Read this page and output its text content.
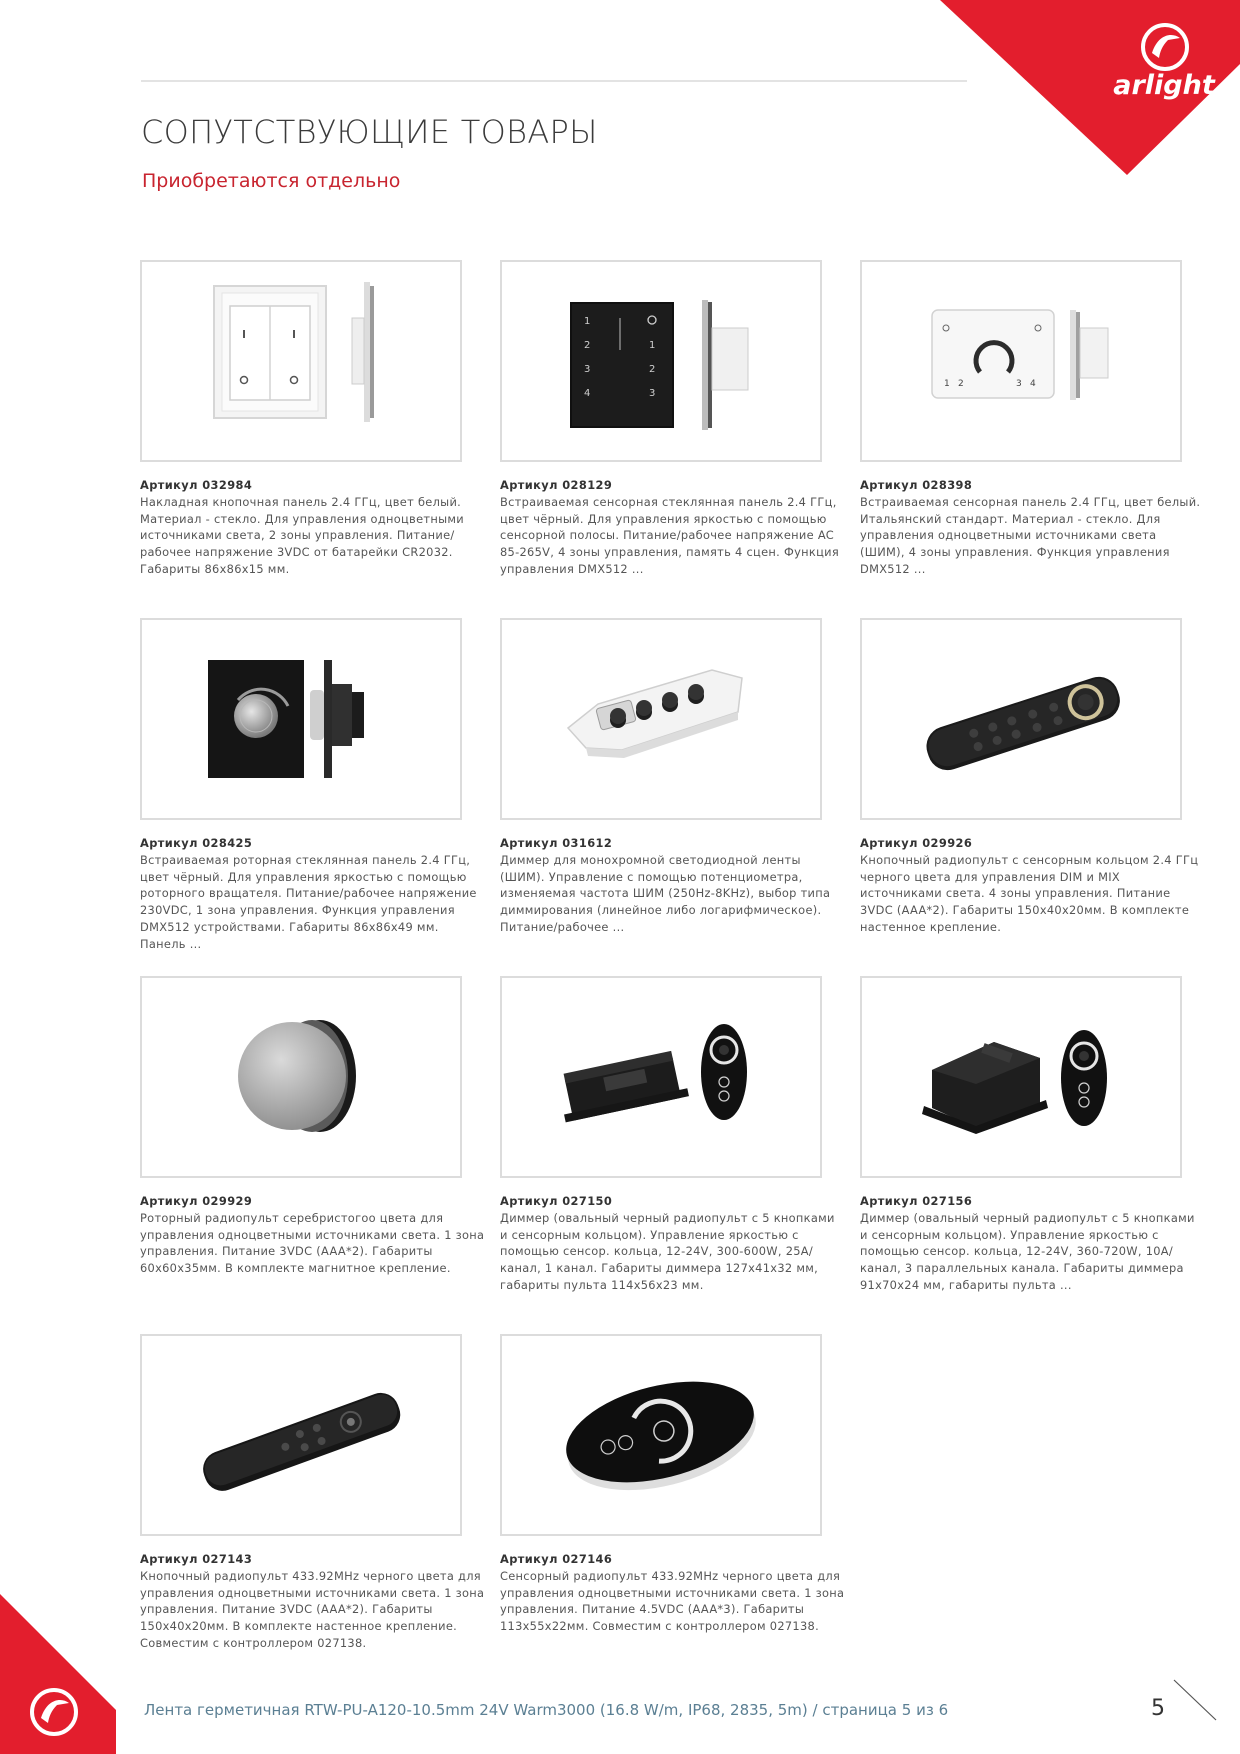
arlight
СОПУТСТВУЮЩИЕ ТОВАРЫ
Приобретаются отдельно
Артикул 032984
Накладная кнопочная панель 2.4 ГГц, цвет белый. Материал - стекло. Для управления одноцветными источниками света, 2 зоны управления. Питание/рабочее напряжение 3VDC от батарейки CR2032. Габариты 86х86х15 мм.
1
2
3
4
1
2
3
Артикул 028129
Встраиваемая сенсорная стеклянная панель 2.4 ГГц, цвет чёрный. Для управления яркостью с помощью сенсорной полосы. Питание/рабочее напряжение AC 85-265V, 4 зоны управления, память 4 сцен. Функция управления DMX512 ...
1 2	3 4
Артикул 028398
Встраиваемая сенсорная панель 2.4 ГГц, цвет белый. Итальянский стандарт. Материал - стекло. Для управления одноцветными источниками света (ШИМ), 4 зоны управления. Функция управления DMX512 ...
Артикул 028425
Встраиваемая роторная стеклянная панель 2.4 ГГц, цвет чёрный. Для управления яркостью с помощью роторного вращателя. Питание/рабочее напряжение 230VDC, 1 зона управления. Функция управления DMX512 устройствами. Габариты 86х86х49 мм. Панель ...
Артикул 031612
Диммер для монохромной светодиодной ленты (ШИМ). Управление с помощью потенциометра, изменяемая частота ШИМ (250Hz-8KHz), выбор типа диммирования (линейное либо логарифмическое). Питание/рабочее ...
Артикул 029926
Кнопочный радиопульт с сенсорным кольцом 2.4 ГГц черного цвета для управления DIM и MIX источниками света. 4 зоны управления. Питание 3VDC (AAA*2). Габариты 150х40х20мм. В комплекте настенное крепление.
Артикул 029929
Роторный радиопульт серебристогоо цвета для управления одноцветными источниками света. 1 зона управления. Питание 3VDC (AAA*2). Габариты 60х60х35мм. В комплекте магнитное крепление.
Артикул 027150
Диммер (овальный черный радиопульт с 5 кнопками и сенсорным кольцом). Управление яркостью с помощью сенсор. кольца, 12-24V, 300-600W, 25A/канал, 1 канал. Габариты диммера 127х41х32 мм, габариты пульта 114х56х23 мм.
Артикул 027156
Диммер (овальный черный радиопульт с 5 кнопками и сенсорным кольцом). Управление яркостью с помощью сенсор. кольца, 12-24V, 360-720W, 10A/канал, 3 параллельных канала. Габариты диммера 91х70х24 мм, габариты пульта ...
Артикул 027143
Кнопочный радиопульт 433.92MHz черного цвета для управления одноцветными источниками света. 1 зона управления. Питание 3VDC (AAA*2). Габариты 150х40х20мм. В комплекте настенное крепление. Совместим с контроллером 027138.
Артикул 027146
Сенсорный радиопульт 433.92MHz черного цвета для управления одноцветными источниками света. 1 зона управления. Питание 4.5VDC (AAA*3). Габариты 113х55х22мм. Совместим с контроллером 027138.
Лента герметичная RTW-PU-A120-10.5mm 24V Warm3000 (16.8 W/m, IP68, 2835, 5m) / страница 5 из 6	5
